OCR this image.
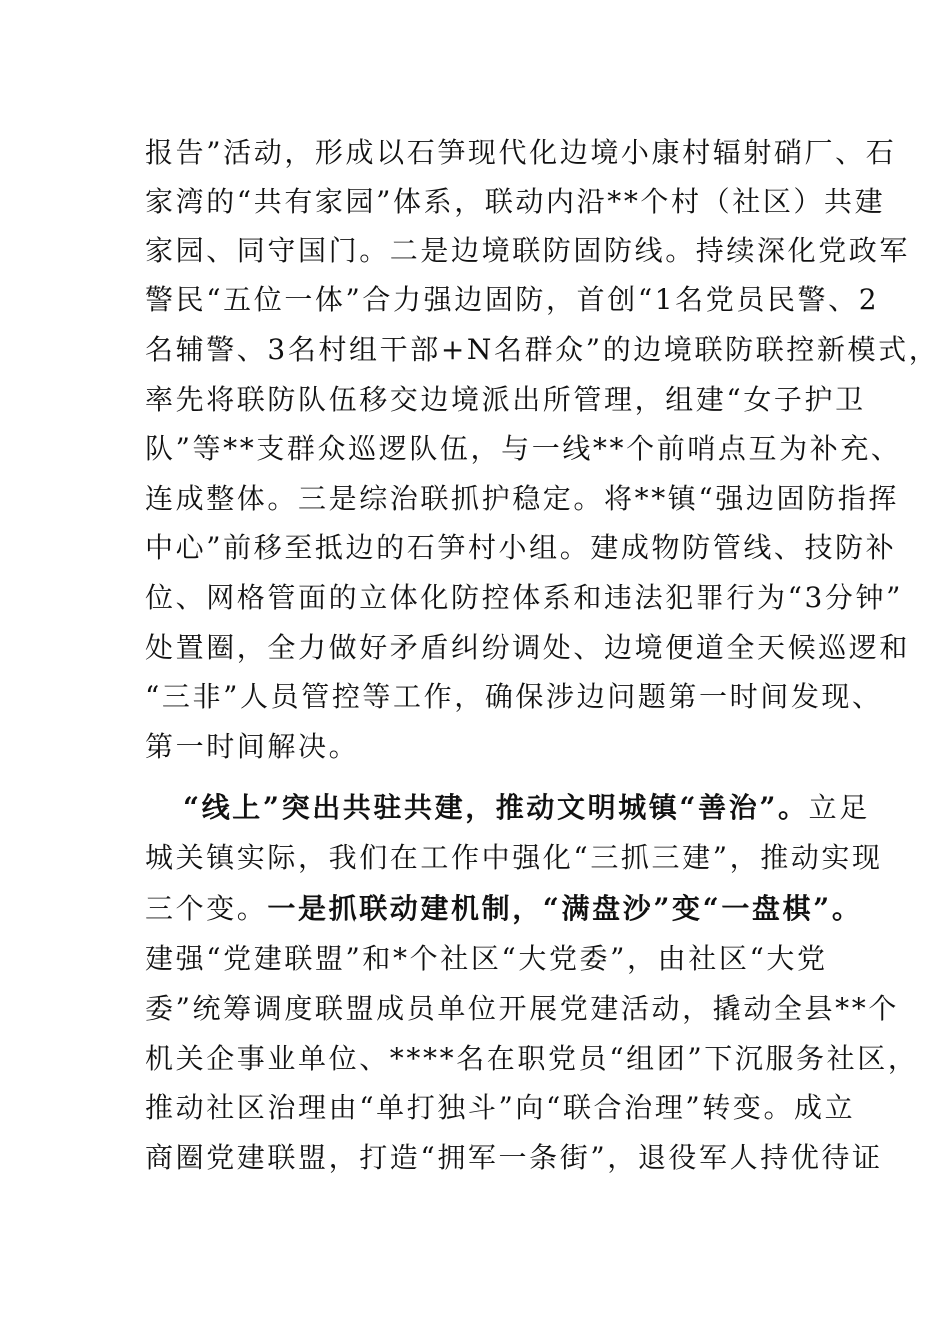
报告”活动，形成以石笋现代化边境小康村辐射硝厂、石
家湾的“共有家园”体系，联动内沿**个村（社区）共建
家园、同守国门。二是边境联防固防线。持续深化党政军
警民“五位一体”合力强边固防，首创“1名党员民警、2
名辅警、3名村组干部+N名群众”的边境联防联控新模式，
率先将联防队伍移交边境派出所管理，组建“女子护卫
队”等**支群众巡逻队伍，与一线**个前哨点互为补充、
连成整体。三是综治联抓护稳定。将**镇“强边固防指挥
中心”前移至抵边的石笋村小组。建成物防管线、技防补
位、网格管面的立体化防控体系和违法犯罪行为“3分钟”
处置圈，全力做好矛盾纠纷调处、边境便道全天候巡逻和
“三非”人员管控等工作，确保涉边问题第一时间发现、
第一时间解决。
“线上”突出共驻共建，推动文明城镇“善治”。立足
城关镇实际，我们在工作中强化“三抓三建”，推动实现
三个变。一是抓联动建机制，“满盘沙”变“一盘棋”。
建强“党建联盟”和*个社区“大党委”，由社区“大党
委”统筹调度联盟成员单位开展党建活动，撬动全县**个
机关企事业单位、****名在职党员“组团”下沉服务社区，
推动社区治理由“单打独斗”向“联合治理”转变。成立
商圈党建联盟，打造“拥军一条街”，退役军人持优待证
